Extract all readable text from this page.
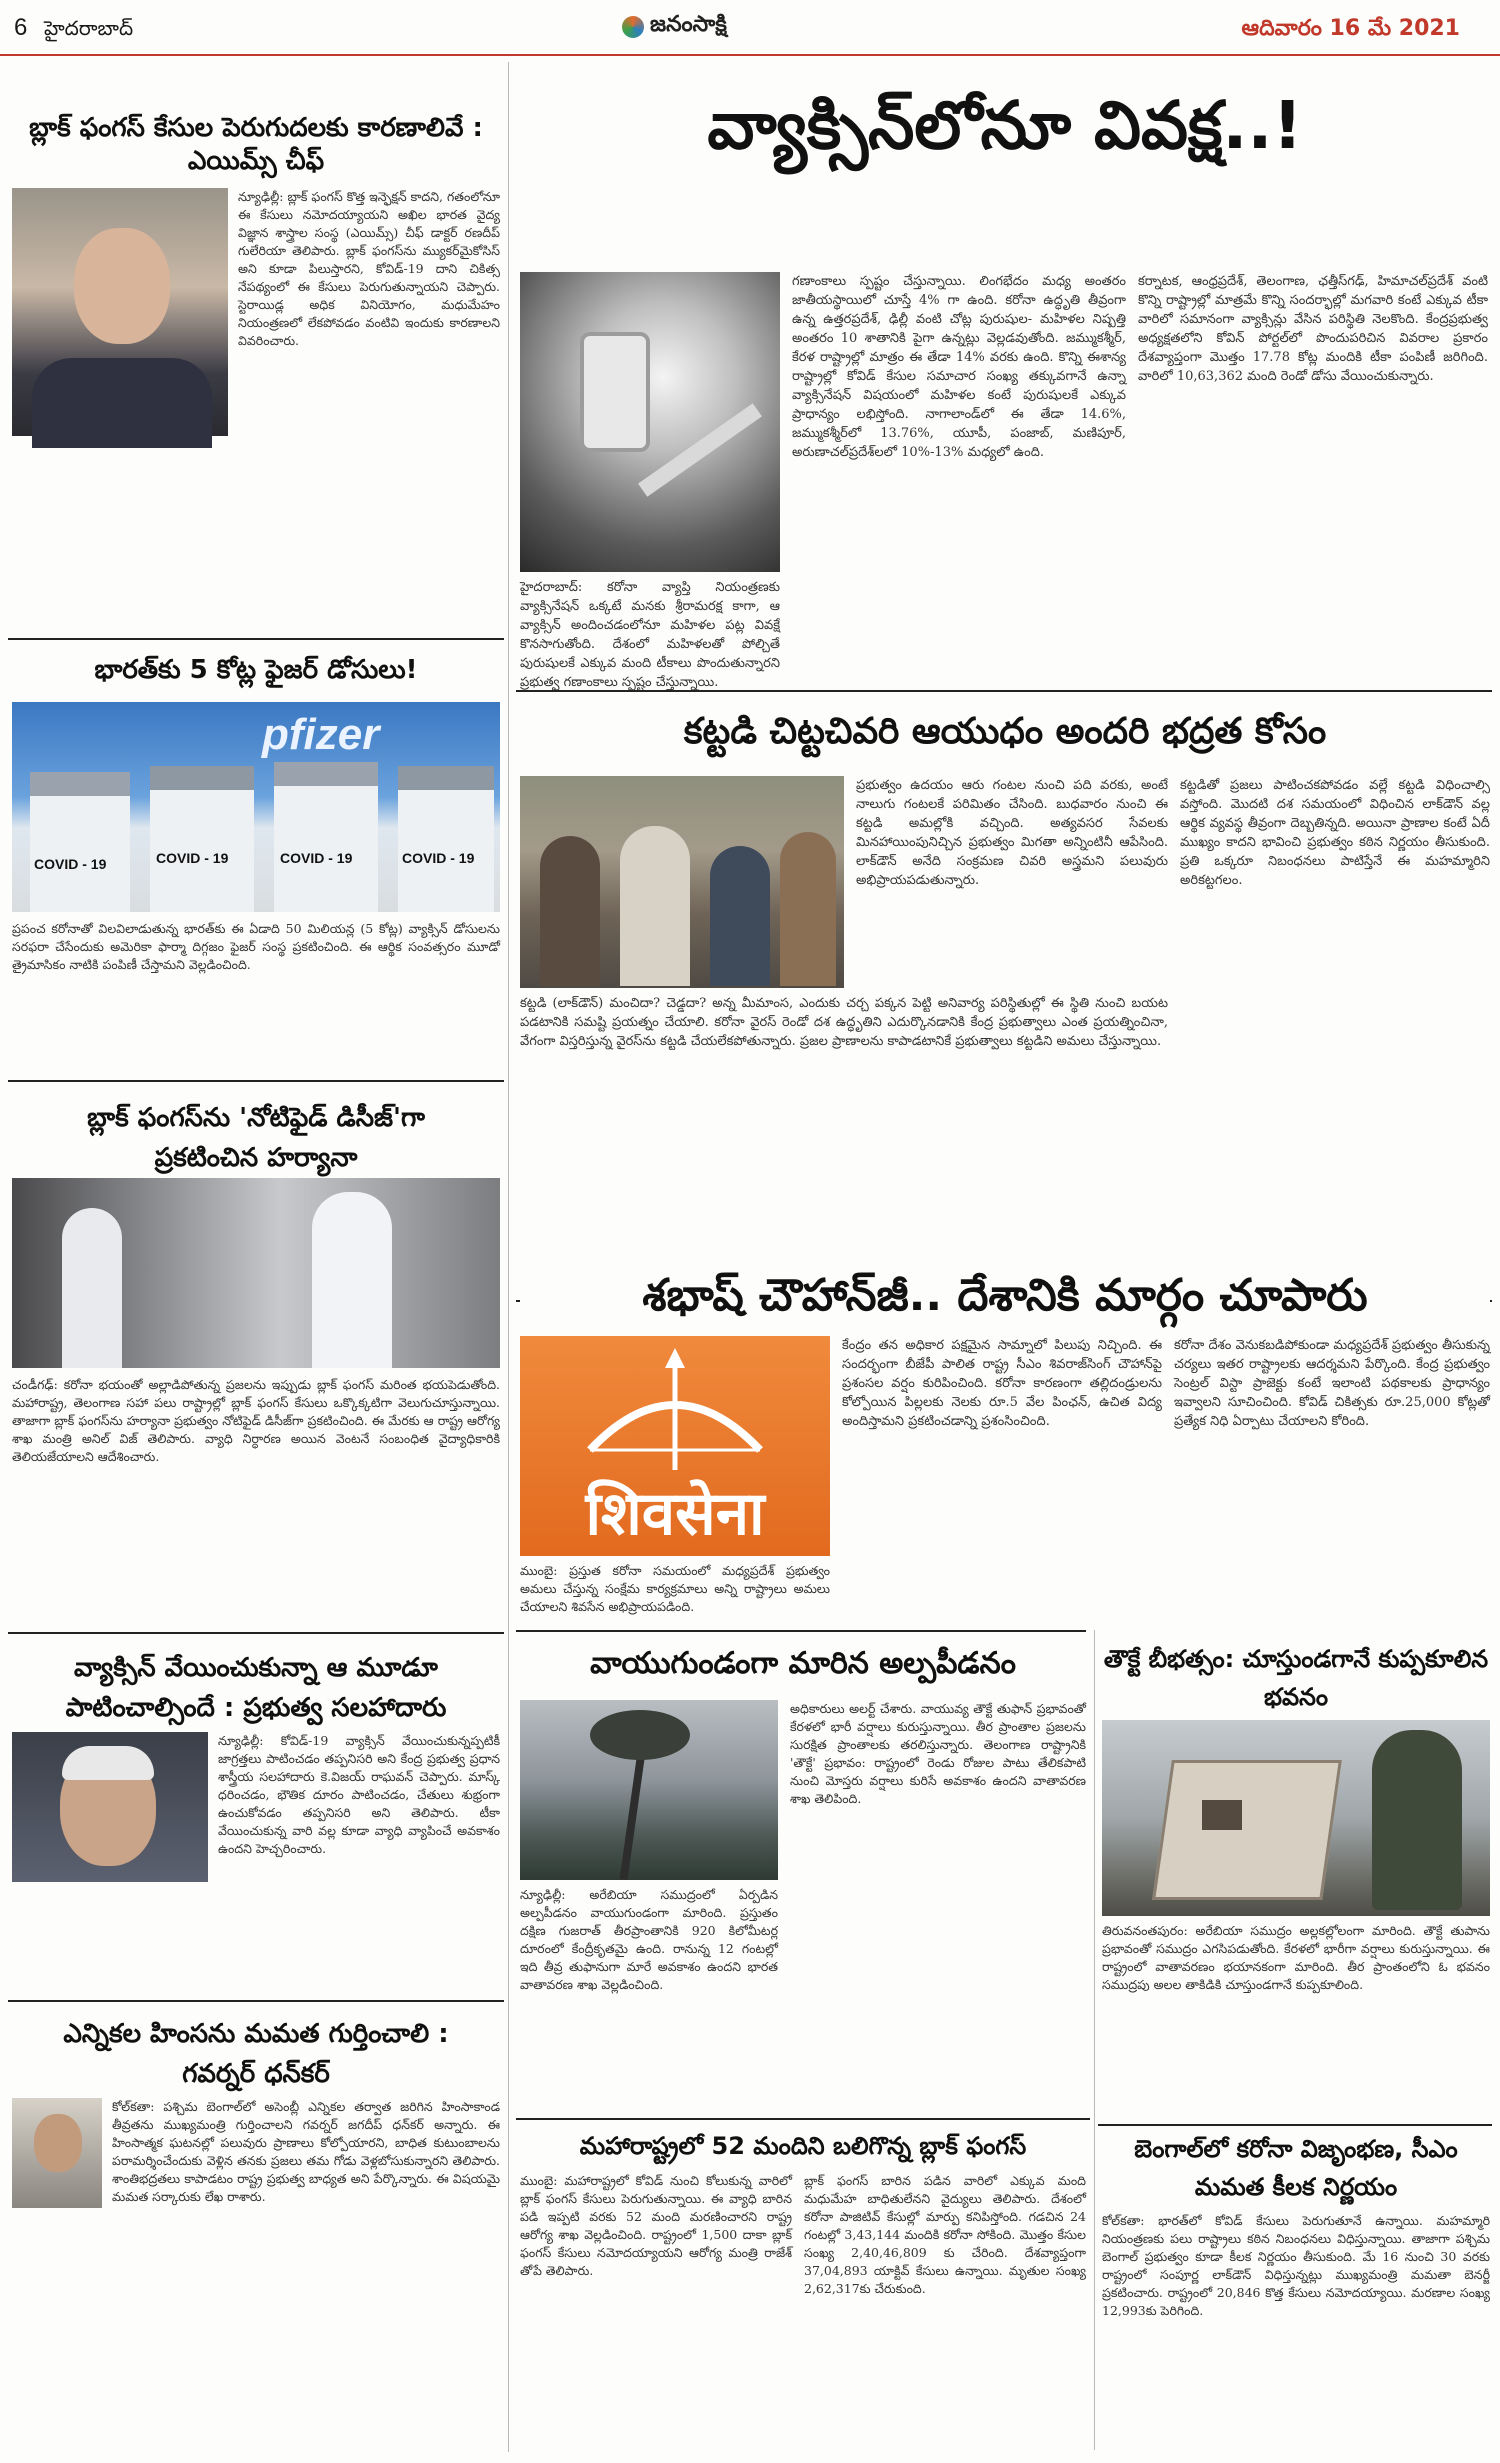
6 హైదరాబాద్	జనంసాక్షి	ఆదివారం 16 మే 2021
బ్లాక్‌ ఫంగస్‌ కేసుల పెరుగుదలకు కారణాలివే : ఎయిమ్స్‌ చీఫ్‌
న్యూఢిల్లీ: బ్లాక్‌ ఫంగస్‌ కొత్త ఇన్ఫెక్షన్‌ కాదని, గతంలోనూ ఈ కేసులు నమోదయ్యాయని అఖిల భారత వైద్య విజ్ఞాన శాస్త్రాల సంస్థ (ఎయిమ్స్‌) చీఫ్‌ డాక్టర్‌ రణదీప్‌ గులేరియా తెలిపారు. బ్లాక్‌ ఫంగస్‌ను మ్యుకర్‌మైకోసిస్‌ అని కూడా పిలుస్తారని, కోవిడ్‌-19 దాని చికిత్స నేపథ్యంలో ఈ కేసులు పెరుగుతున్నాయని చెప్పారు. స్టెరాయిడ్ల అధిక వినియోగం, మధుమేహం నియంత్రణలో లేకపోవడం వంటివి ఇందుకు కారణాలని వివరించారు.
భారత్‌కు 5 కోట్ల ఫైజర్‌ డోసులు!
pfizer
COVID - 19	COVID - 19	COVID - 19	COVID - 19
ప్రపంచ కరోనాతో విలవిలాడుతున్న భారత్‌కు ఈ ఏడాది 50 మిలియన్ల (5 కోట్ల) వ్యాక్సిన్‌ డోసులను సరఫరా చేసేందుకు అమెరికా ఫార్మా దిగ్గజం ఫైజర్‌ సంస్థ ప్రకటించింది. ఈ ఆర్థిక సంవత్సరం మూడో త్రైమాసికం నాటికి పంపిణీ చేస్తామని వెల్లడించింది.
బ్లాక్‌ ఫంగస్‌ను 'నోటిఫైడ్‌ డిసీజ్‌'గా ప్రకటించిన హర్యానా
చండీగఢ్‌: కరోనా భయంతో అల్లాడిపోతున్న ప్రజలను ఇప్పుడు బ్లాక్‌ ఫంగస్‌ మరింత భయపెడుతోంది. మహారాష్ట్ర, తెలంగాణ సహా పలు రాష్ట్రాల్లో బ్లాక్‌ ఫంగస్‌ కేసులు ఒక్కొక్కటిగా వెలుగుచూస్తున్నాయి. తాజాగా బ్లాక్‌ ఫంగస్‌ను హర్యానా ప్రభుత్వం నోటిఫైడ్‌ డిసీజ్‌గా ప్రకటించింది. ఈ మేరకు ఆ రాష్ట్ర ఆరోగ్య శాఖ మంత్రి అనిల్‌ విజ్‌ తెలిపారు. వ్యాధి నిర్ధారణ అయిన వెంటనే సంబంధిత వైద్యాధికారికి తెలియజేయాలని ఆదేశించారు.
వ్యాక్సిన్‌ వేయించుకున్నా ఆ మూడూ పాటించాల్సిందే : ప్రభుత్వ సలహాదారు
న్యూఢిల్లీ: కోవిడ్‌-19 వ్యాక్సిన్‌ వేయించుకున్నప్పటికీ జాగ్రత్తలు పాటించడం తప్పనిసరి అని కేంద్ర ప్రభుత్వ ప్రధాన శాస్త్రీయ సలహాదారు కె.విజయ్‌ రాఘవన్‌ చెప్పారు. మాస్క్‌ ధరించడం, భౌతిక దూరం పాటించడం, చేతులు శుభ్రంగా ఉంచుకోవడం తప్పనిసరి అని తెలిపారు. టీకా వేయించుకున్న వారి వల్ల కూడా వ్యాధి వ్యాపించే అవకాశం ఉందని హెచ్చరించారు.
ఎన్నికల హింసను మమత గుర్తించాలి : గవర్నర్‌ ధన్‌కర్‌
కోల్‌కతా: పశ్చిమ బెంగాల్‌లో అసెంబ్లీ ఎన్నికల తర్వాత జరిగిన హింసాకాండ తీవ్రతను ముఖ్యమంత్రి గుర్తించాలని గవర్నర్‌ జగదీప్‌ ధన్‌కర్‌ అన్నారు. ఈ హింసాత్మక ఘటనల్లో పలువురు ప్రాణాలు కోల్పోయారని, బాధిత కుటుంబాలను పరామర్శించేందుకు వెళ్లిన తనకు ప్రజలు తమ గోడు వెళ్లబోసుకున్నారని తెలిపారు. శాంతిభద్రతలు కాపాడటం రాష్ట్ర ప్రభుత్వ బాధ్యత అని పేర్కొన్నారు. ఈ విషయమై మమత సర్కారుకు లేఖ రాశారు.
వ్యాక్సిన్‌లోనూ వివక్ష..!
హైదరాబాద్‌: కరోనా వ్యాప్తి నియంత్రణకు వ్యాక్సినేషన్‌ ఒక్కటే మనకు శ్రీరామరక్ష కాగా, ఆ వ్యాక్సిన్‌ అందించడంలోనూ మహిళల పట్ల వివక్షే కొనసాగుతోంది. దేశంలో మహిళలతో పోల్చితే పురుషులకే ఎక్కువ మంది టీకాలు పొందుతున్నారని ప్రభుత్వ గణాంకాలు స్పష్టం చేస్తున్నాయి.
గణాంకాలు స్పష్టం చేస్తున్నాయి. లింగభేదం మధ్య అంతరం జాతీయస్థాయిలో చూస్తే 4% గా ఉంది. కరోనా ఉద్ధృతి తీవ్రంగా ఉన్న ఉత్తరప్రదేశ్‌, ఢిల్లీ వంటి చోట్ల పురుషుల- మహిళల నిష్పత్తి అంతరం 10 శాతానికి పైగా ఉన్నట్లు వెల్లడవుతోంది. జమ్ముకశ్మీర్‌, కేరళ రాష్ట్రాల్లో మాత్రం ఈ తేడా 14% వరకు ఉంది. కొన్ని ఈశాన్య రాష్ట్రాల్లో కోవిడ్‌ కేసుల సమాచార సంఖ్య తక్కువగానే ఉన్నా వ్యాక్సినేషన్‌ విషయంలో మహిళల కంటే పురుషులకే ఎక్కువ ప్రాధాన్యం లభిస్తోంది. నాగాలాండ్‌లో ఈ తేడా 14.6%, జమ్ముకశ్మీర్‌లో 13.76%, యూపీ, పంజాబ్‌, మణిపూర్‌, అరుణాచల్‌ప్రదేశ్‌లలో 10%-13% మధ్యలో ఉంది.
కర్నాటక, ఆంధ్రప్రదేశ్‌, తెలంగాణ, ఛత్తీస్‌గఢ్‌, హిమాచల్‌ప్రదేశ్‌ వంటి కొన్ని రాష్ట్రాల్లో మాత్రమే కొన్ని సందర్భాల్లో మగవారి కంటే ఎక్కువ టీకా వారిలో సమానంగా వ్యాక్సిన్లు వేసిన పరిస్థితి నెలకొంది. కేంద్రప్రభుత్వ అధ్యక్షతలోని కోవిన్‌ పోర్టల్‌లో పొందుపరిచిన వివరాల ప్రకారం దేశవ్యాప్తంగా మొత్తం 17.78 కోట్ల మందికి టీకా పంపిణీ జరిగింది. వారిలో 10,63,362 మంది రెండో డోసు వేయించుకున్నారు.
కట్టడి చిట్టచివరి ఆయుధం అందరి భద్రత కోసం
ప్రభుత్వం ఉదయం ఆరు గంటల నుంచి పది వరకు, అంటే నాలుగు గంటలకే పరిమితం చేసింది. బుధవారం నుంచి ఈ కట్టడి అమల్లోకి వచ్చింది. అత్యవసర సేవలకు మినహాయింపునిచ్చిన ప్రభుత్వం మిగతా అన్నింటినీ ఆపేసింది. లాక్‌డౌన్‌ అనేది సంక్రమణ చివరి అస్త్రమని పలువురు అభిప్రాయపడుతున్నారు.
కట్టడి (లాక్‌డౌన్‌) మంచిదా? చెడ్డదా? అన్న మీమాంస, ఎందుకు చర్చ పక్కన పెట్టి అనివార్య పరిస్థితుల్లో ఈ స్థితి నుంచి బయట పడటానికి సమష్టి ప్రయత్నం చేయాలి. కరోనా వైరస్‌ రెండో దశ ఉద్ధృతిని ఎదుర్కొనడానికి కేంద్ర ప్రభుత్వాలు ఎంత ప్రయత్నించినా, వేగంగా విస్తరిస్తున్న వైరస్‌ను కట్టడి చేయలేకపోతున్నారు. ప్రజల ప్రాణాలను కాపాడటానికే ప్రభుత్వాలు కట్టడిని అమలు చేస్తున్నాయి.
కట్టడితో ప్రజలు పాటించకపోవడం వల్లే కట్టడి విధించాల్సి వస్తోంది. మొదటి దశ సమయంలో విధించిన లాక్‌డౌన్‌ వల్ల ఆర్థిక వ్యవస్థ తీవ్రంగా దెబ్బతిన్నది. అయినా ప్రాణాల కంటే ఏదీ ముఖ్యం కాదని భావించి ప్రభుత్వం కఠిన నిర్ణయం తీసుకుంది. ప్రతి ఒక్కరూ నిబంధనలు పాటిస్తేనే ఈ మహమ్మారిని అరికట్టగలం.
శభాష్‌ చౌహాన్‌జీ.. దేశానికి మార్గం చూపారు
शिवसेना
ముంబై: ప్రస్తుత కరోనా సమయంలో మధ్యప్రదేశ్‌ ప్రభుత్వం అమలు చేస్తున్న సంక్షేమ కార్యక్రమాలు అన్ని రాష్ట్రాలు అమలు చేయాలని శివసేన అభిప్రాయపడింది.
కేంద్రం తన అధికార పక్షమైన సామ్నాలో పిలుపు నిచ్చింది. ఈ సందర్భంగా బీజేపీ పాలిత రాష్ట్ర సీఎం శివరాజ్‌సింగ్‌ చౌహాన్‌పై ప్రశంసల వర్షం కురిపించింది. కరోనా కారణంగా తల్లిదండ్రులను కోల్పోయిన పిల్లలకు నెలకు రూ.5 వేల పింఛన్‌, ఉచిత విద్య అందిస్తామని ప్రకటించడాన్ని ప్రశంసించింది.
కరోనా దేశం వెనుకబడిపోకుండా మధ్యప్రదేశ్‌ ప్రభుత్వం తీసుకున్న చర్యలు ఇతర రాష్ట్రాలకు ఆదర్శమని పేర్కొంది. కేంద్ర ప్రభుత్వం సెంట్రల్‌ విస్టా ప్రాజెక్టు కంటే ఇలాంటి పథకాలకు ప్రాధాన్యం ఇవ్వాలని సూచించింది. కోవిడ్‌ చికిత్సకు రూ.25,000 కోట్లతో ప్రత్యేక నిధి ఏర్పాటు చేయాలని కోరింది.
వాయుగుండంగా మారిన అల్పపీడనం
న్యూఢిల్లీ: అరేబియా సముద్రంలో ఏర్పడిన అల్పపీడనం వాయుగుండంగా మారింది. ప్రస్తుతం దక్షిణ గుజరాత్‌ తీరప్రాంతానికి 920 కిలోమీటర్ల దూరంలో కేంద్రీకృతమై ఉంది. రానున్న 12 గంటల్లో ఇది తీవ్ర తుఫానుగా మారే అవకాశం ఉందని భారత వాతావరణ శాఖ వెల్లడించింది.
అధికారులు అలర్ట్‌ చేశారు. వాయువ్య తౌక్టే తుఫాన్‌ ప్రభావంతో కేరళలో భారీ వర్షాలు కురుస్తున్నాయి. తీర ప్రాంతాల ప్రజలను సురక్షిత ప్రాంతాలకు తరలిస్తున్నారు. తెలంగాణ రాష్ట్రానికి 'తౌక్టే' ప్రభావం: రాష్ట్రంలో రెండు రోజుల పాటు తేలికపాటి నుంచి మోస్తరు వర్షాలు కురిసే అవకాశం ఉందని వాతావరణ శాఖ తెలిపింది.
తౌక్టే బీభత్సం: చూస్తుండగానే కుప్పకూలిన భవనం
తిరువనంతపురం: అరేబియా సముద్రం అల్లకల్లోలంగా మారింది. తౌక్టే తుపాను ప్రభావంతో సముద్రం ఎగసిపడుతోంది. కేరళలో భారీగా వర్షాలు కురుస్తున్నాయి. ఈ రాష్ట్రంలో వాతావరణం భయానకంగా మారింది. తీర ప్రాంతంలోని ఓ భవనం సముద్రపు అలల తాకిడికి చూస్తుండగానే కుప్పకూలింది.
బెంగాల్‌లో కరోనా విజృంభణ, సీఎం మమత కీలక నిర్ణయం
కోల్‌కతా: భారత్‌లో కోవిడ్‌ కేసులు పెరుగుతూనే ఉన్నాయి. మహమ్మారి నియంత్రణకు పలు రాష్ట్రాలు కఠిన నిబంధనలు విధిస్తున్నాయి. తాజాగా పశ్చిమ బెంగాల్‌ ప్రభుత్వం కూడా కీలక నిర్ణయం తీసుకుంది. మే 16 నుంచి 30 వరకు రాష్ట్రంలో సంపూర్ణ లాక్‌డౌన్‌ విధిస్తున్నట్లు ముఖ్యమంత్రి మమతా బెనర్జీ ప్రకటించారు. రాష్ట్రంలో 20,846 కొత్త కేసులు నమోదయ్యాయి. మరణాల సంఖ్య 12,993కు పెరిగింది.
మహారాష్ట్రలో 52 మందిని బలిగొన్న బ్లాక్‌ ఫంగస్‌
ముంబై: మహారాష్ట్రలో కోవిడ్‌ నుంచి కోలుకున్న వారిలో బ్లాక్‌ ఫంగస్‌ కేసులు పెరుగుతున్నాయి. ఈ వ్యాధి బారిన పడి ఇప్పటి వరకు 52 మంది మరణించారని రాష్ట్ర ఆరోగ్య శాఖ వెల్లడించింది. రాష్ట్రంలో 1,500 దాకా బ్లాక్‌ ఫంగస్‌ కేసులు నమోదయ్యాయని ఆరోగ్య మంత్రి రాజేశ్‌ తోపే తెలిపారు.
బ్లాక్‌ ఫంగస్‌ బారిన పడిన వారిలో ఎక్కువ మంది మధుమేహ బాధితులేనని వైద్యులు తెలిపారు. దేశంలో కరోనా పాజిటివ్‌ కేసుల్లో మార్పు కనిపిస్తోంది. గడచిన 24 గంటల్లో 3,43,144 మందికి కరోనా సోకింది. మొత్తం కేసుల సంఖ్య 2,40,46,809 కు చేరింది. దేశవ్యాప్తంగా 37,04,893 యాక్టివ్‌ కేసులు ఉన్నాయి. మృతుల సంఖ్య 2,62,317కు చేరుకుంది.
